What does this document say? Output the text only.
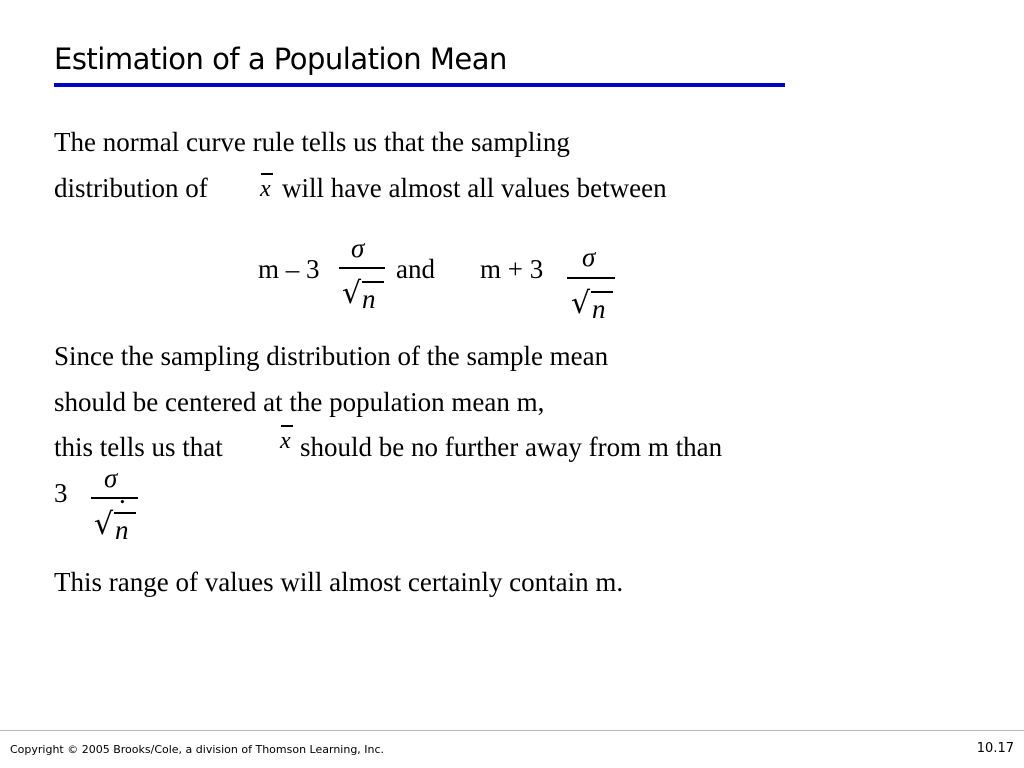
Estimation of a Population Mean
The normal curve rule tells us that the sampling
distribution of x will have almost all values between
m – 3
σ
√ n
and m + 3 σ
√ n
Since the sampling distribution of the sample mean
should be centered at the population mean m,
this tells us that x should be no further away from m than
3 σ
.
√ n
This range of values will almost certainly contain m.
Copyright © 2005 Brooks/Cole, a division of Thomson Learning, Inc.	10.17
